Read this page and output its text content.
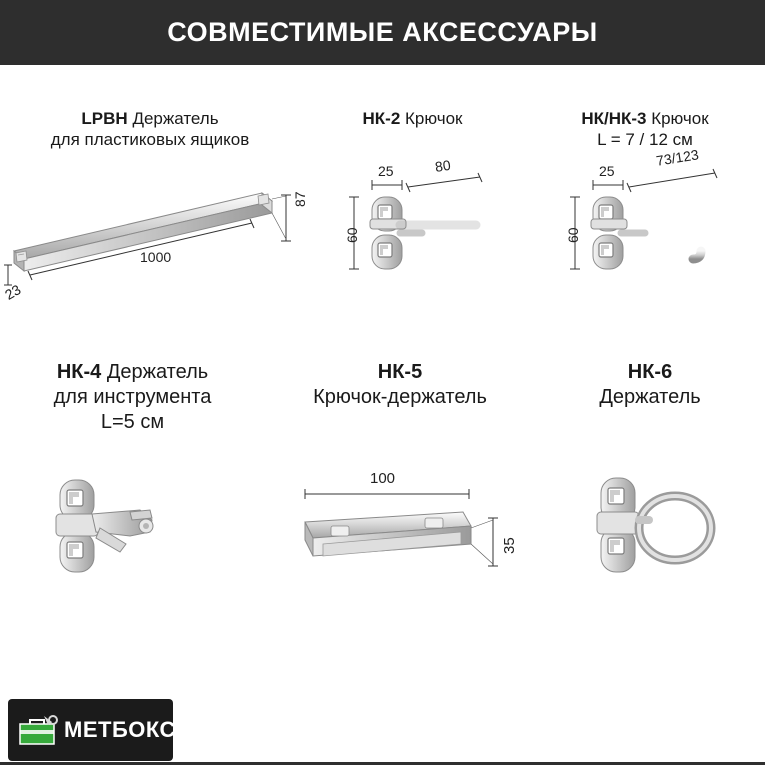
СОВМЕСТИМЫЕ АКСЕССУАРЫ
LPBH Держатель
для пластиковых ящиков
87
1000
23
НК-2 Крючок
25	80
60
НК/НК-3 Крючок
L = 7 / 12 см
25
73/123
60
НК-4 Держатель
для инструмента
L=5 см
НК-5
Крючок-держатель
100
35
НК-6
Держатель
МЕТБОКС
